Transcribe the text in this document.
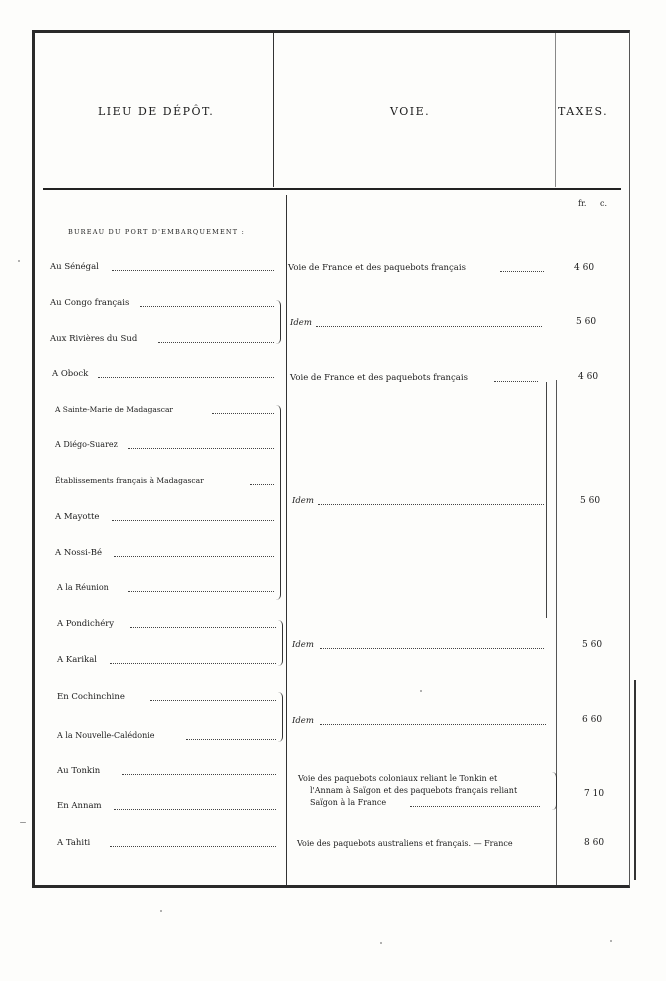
LIEU DE DÉPÔT.	VOIE.	TAXES.
fr. c.
BUREAU DU PORT D'EMBARQUEMENT :
Au Sénégal
Au Congo français
Aux Rivières du Sud
A Obock
A Sainte-Marie de Madagascar
A Diégo-Suarez
Établissements français à Madagascar
A Mayotte
A Nossi-Bé
A la Réunion
A Pondichéry
A Karikal
En Cochinchine
A la Nouvelle-Calédonie
Au Tonkin
En Annam
A Tahiti
Voie de France et des paquebots français
Idem
Voie de France et des paquebots français
Idem
Idem
Idem
Voie des paquebots coloniaux reliant le Tonkin et
l'Annam à Saïgon et des paquebots français reliant
Saïgon à la France
Voie des paquebots australiens et français. — France
4 60
5 60
4 60
5 60
5 60
6 60
7 10
8 60
